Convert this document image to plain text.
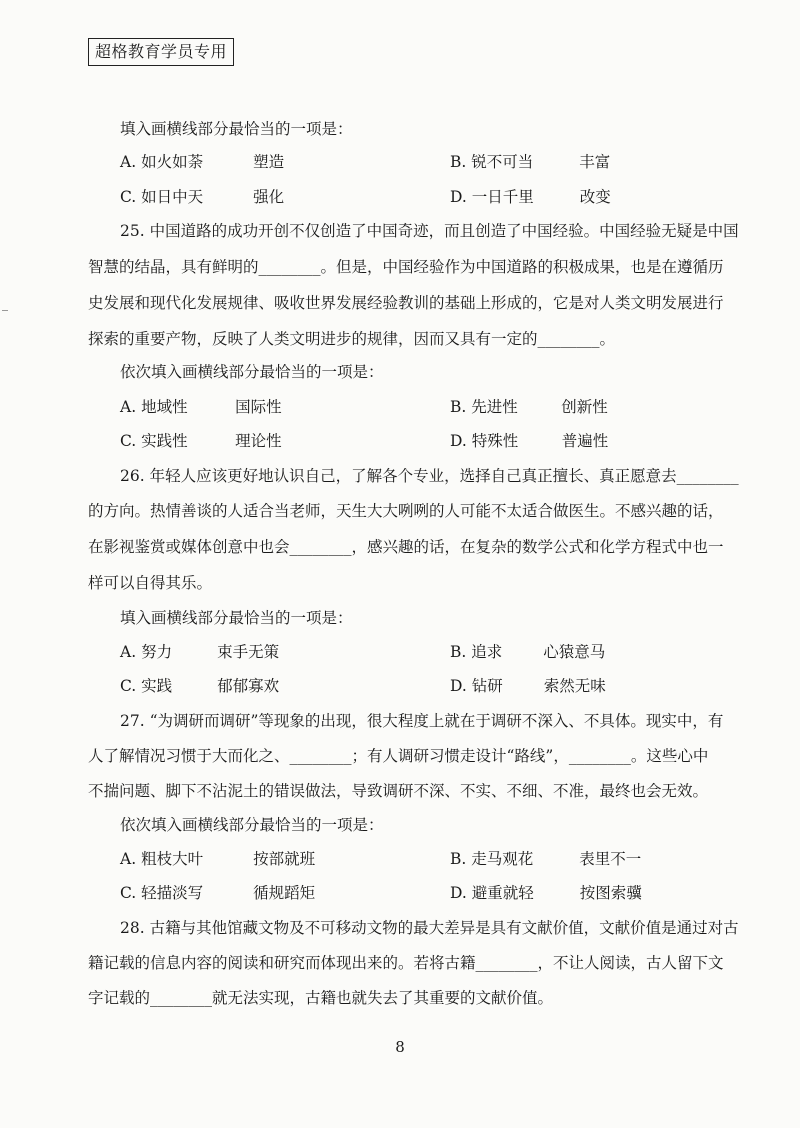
超格教育学员专用
填入画横线部分最恰当的一项是：
A.
如火如荼	塑造	B.
锐不可当	丰富
C.
如日中天	强化	D.
一日千里	改变
25. 中国道路的成功开创不仅创造了中国奇迹，而且创造了中国经验。中国经验无疑是中国
智慧的结晶，具有鲜明的________。但是，中国经验作为中国道路的积极成果，也是在遵循历
史发展和现代化发展规律、吸收世界发展经验教训的基础上形成的，它是对人类文明发展进行
探索的重要产物，反映了人类文明进步的规律，因而又具有一定的________。
依次填入画横线部分最恰当的一项是：
A.
地域性	国际性	B.
先进性	创新性
C.
实践性	理论性	D.
特殊性	普遍性
26. 年轻人应该更好地认识自己，了解各个专业，选择自己真正擅长、真正愿意去________
的方向。热情善谈的人适合当老师，天生大大咧咧的人可能不太适合做医生。不感兴趣的话，
在影视鉴赏或媒体创意中也会________，感兴趣的话，在复杂的数学公式和化学方程式中也一
样可以自得其乐。
填入画横线部分最恰当的一项是：
A.
努力	束手无策	B.
追求	心猿意马
C.
实践	郁郁寡欢	D.
钻研	索然无味
27. “为调研而调研”等现象的出现，很大程度上就在于调研不深入、不具体。现实中，有
人了解情况习惯于大而化之、________；有人调研习惯走设计“路线”，________。这些心中
不揣问题、脚下不沾泥土的错误做法，导致调研不深、不实、不细、不准，最终也会无效。
依次填入画横线部分最恰当的一项是：
A.
粗枝大叶	按部就班	B.
走马观花	表里不一
C.
轻描淡写	循规蹈矩	D.
避重就轻	按图索骥
28. 古籍与其他馆藏文物及不可移动文物的最大差异是具有文献价值，文献价值是通过对古
籍记载的信息内容的阅读和研究而体现出来的。若将古籍________，不让人阅读，古人留下文
字记载的________就无法实现，古籍也就失去了其重要的文献价值。
8
